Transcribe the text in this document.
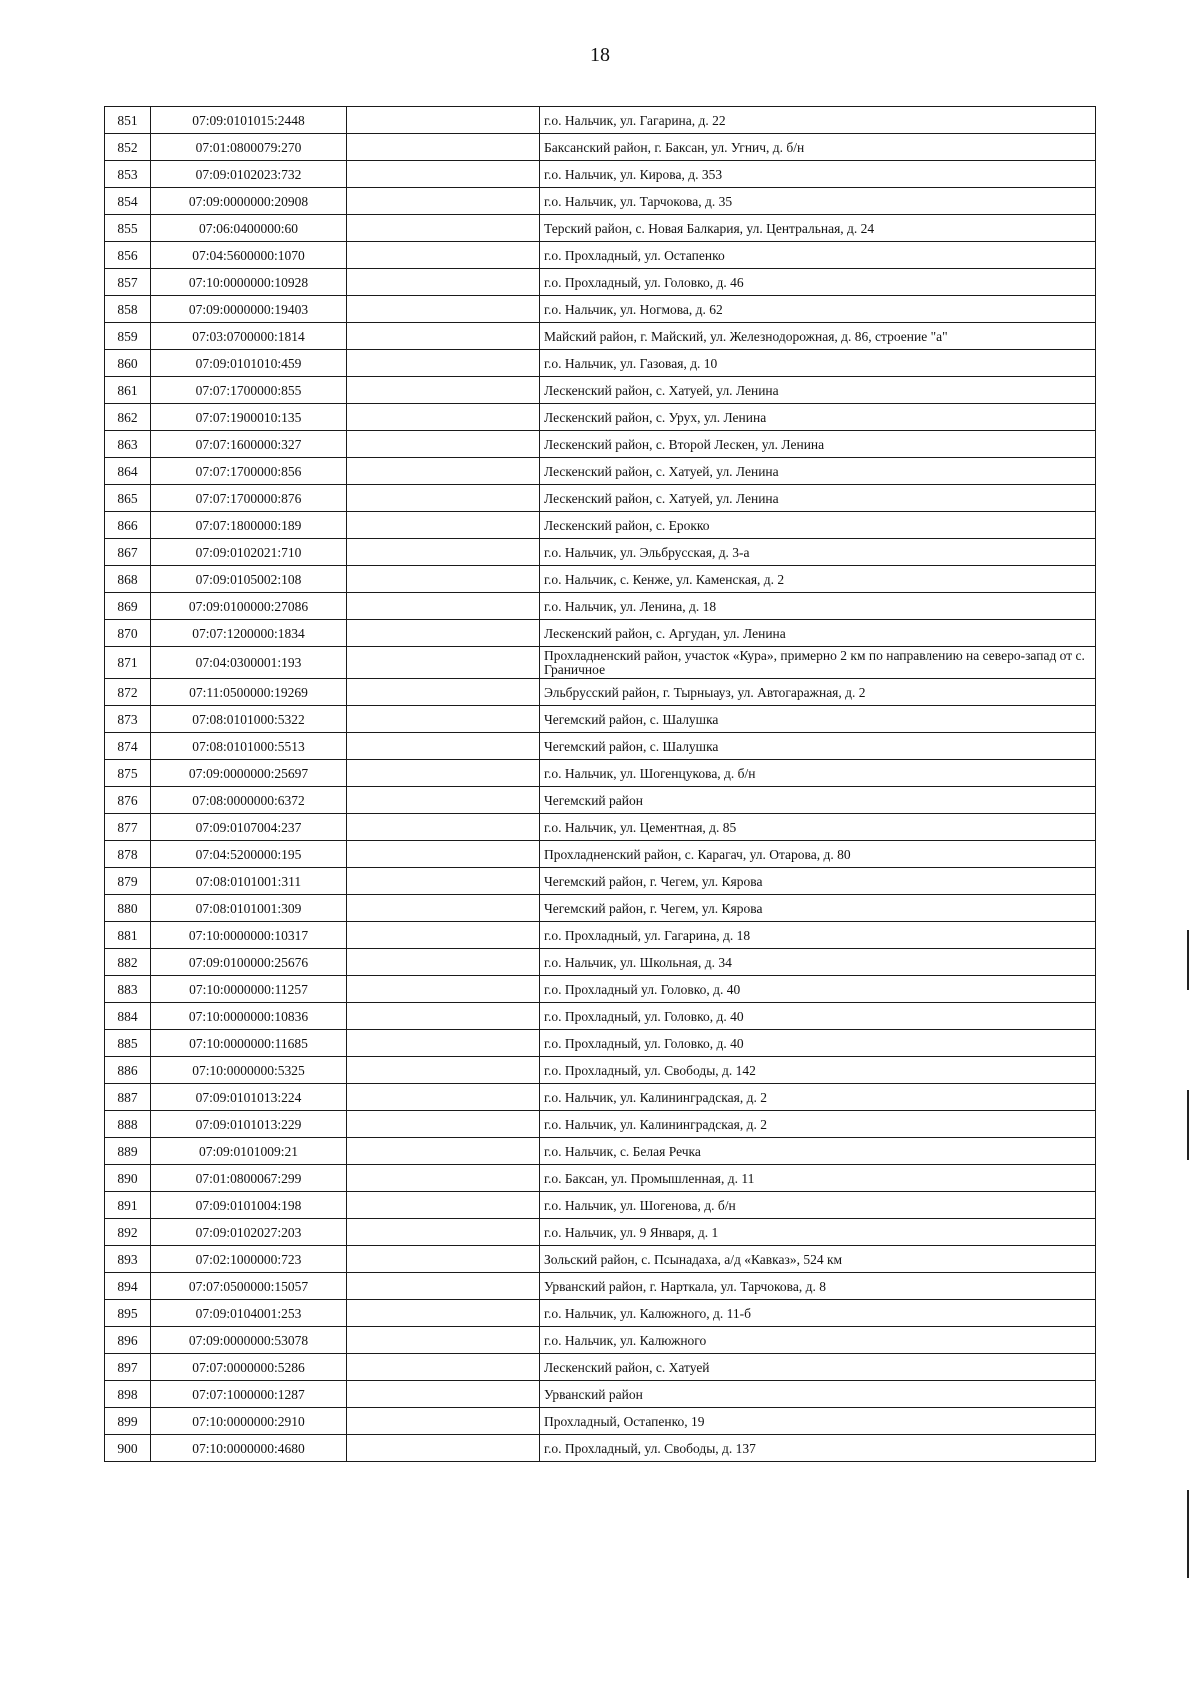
18
851	07:09:0101015:2448		г.о. Нальчик, ул. Гагарина, д. 22
852	07:01:0800079:270		Баксанский район, г. Баксан, ул. Угнич, д. б/н
853	07:09:0102023:732		г.о. Нальчик, ул. Кирова, д. 353
854	07:09:0000000:20908		г.о. Нальчик, ул. Тарчокова, д. 35
855	07:06:0400000:60		Терский район, с. Новая Балкария, ул. Центральная, д. 24
856	07:04:5600000:1070		г.о. Прохладный, ул. Остапенко
857	07:10:0000000:10928		г.о. Прохладный, ул. Головко, д. 46
858	07:09:0000000:19403		г.о. Нальчик, ул. Ногмова, д. 62
859	07:03:0700000:1814		Майский район, г. Майский, ул. Железнодорожная, д. 86, строение "а"
860	07:09:0101010:459		г.о. Нальчик, ул. Газовая, д. 10
861	07:07:1700000:855		Лескенский район, с. Хатуей, ул. Ленина
862	07:07:1900010:135		Лескенский район, с. Урух, ул. Ленина
863	07:07:1600000:327		Лескенский район, с. Второй Лескен, ул. Ленина
864	07:07:1700000:856		Лескенский район, с. Хатуей, ул. Ленина
865	07:07:1700000:876		Лескенский район, с. Хатуей, ул. Ленина
866	07:07:1800000:189		Лескенский район, с. Ерокко
867	07:09:0102021:710		г.о. Нальчик, ул. Эльбрусская, д. 3-а
868	07:09:0105002:108		г.о. Нальчик, с. Кенже, ул. Каменская, д. 2
869	07:09:0100000:27086		г.о. Нальчик, ул. Ленина, д. 18
870	07:07:1200000:1834		Лескенский район, с. Аргудан, ул. Ленина
871	07:04:0300001:193		Прохладненский район, участок «Кура», примерно 2 км по направлению на северо-запад от с. Граничное
872	07:11:0500000:19269		Эльбрусский район, г. Тырныауз, ул. Автогаражная, д. 2
873	07:08:0101000:5322		Чегемский район, с. Шалушка
874	07:08:0101000:5513		Чегемский район, с. Шалушка
875	07:09:0000000:25697		г.о. Нальчик, ул. Шогенцукова, д. б/н
876	07:08:0000000:6372		Чегемский район
877	07:09:0107004:237		г.о. Нальчик, ул. Цементная, д. 85
878	07:04:5200000:195		Прохладненский район, с. Карагач, ул. Отарова, д. 80
879	07:08:0101001:311		Чегемский район, г. Чегем, ул. Кярова
880	07:08:0101001:309		Чегемский район, г. Чегем, ул. Кярова
881	07:10:0000000:10317		г.о. Прохладный, ул. Гагарина, д. 18
882	07:09:0100000:25676		г.о. Нальчик, ул. Школьная, д. 34
883	07:10:0000000:11257		г.о. Прохладный ул. Головко, д. 40
884	07:10:0000000:10836		г.о. Прохладный, ул. Головко, д. 40
885	07:10:0000000:11685		г.о. Прохладный, ул. Головко, д. 40
886	07:10:0000000:5325		г.о. Прохладный, ул. Свободы, д. 142
887	07:09:0101013:224		г.о. Нальчик, ул. Калининградская, д. 2
888	07:09:0101013:229		г.о. Нальчик, ул. Калининградская, д. 2
889	07:09:0101009:21		г.о. Нальчик, с. Белая Речка
890	07:01:0800067:299		г.о. Баксан, ул. Промышленная, д. 11
891	07:09:0101004:198		г.о. Нальчик, ул. Шогенова, д. б/н
892	07:09:0102027:203		г.о. Нальчик, ул. 9 Января, д. 1
893	07:02:1000000:723		Зольский район, с. Псынадаха, а/д «Кавказ», 524 км
894	07:07:0500000:15057		Урванский район, г. Нарткала, ул. Тарчокова, д. 8
895	07:09:0104001:253		г.о. Нальчик, ул. Калюжного, д. 11-б
896	07:09:0000000:53078		г.о. Нальчик, ул. Калюжного
897	07:07:0000000:5286		Лескенский район, с. Хатуей
898	07:07:1000000:1287		Урванский район
899	07:10:0000000:2910		Прохладный, Остапенко, 19
900	07:10:0000000:4680		г.о. Прохладный, ул. Свободы, д. 137
